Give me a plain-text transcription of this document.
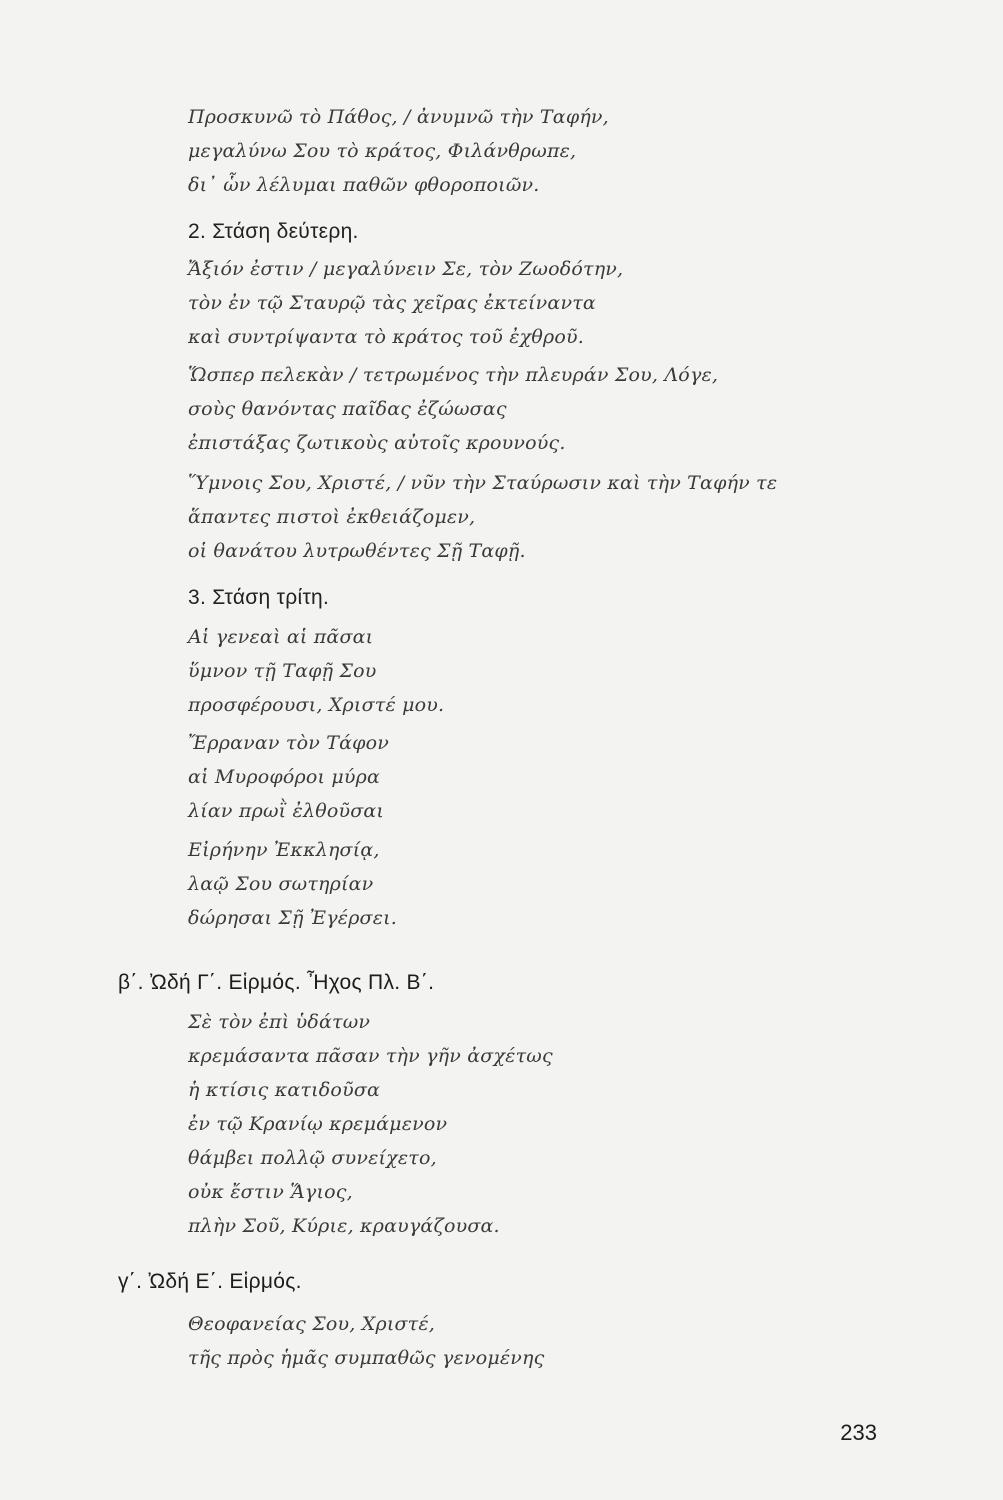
Προσκυνῶ τὸ Πάθος, / ἀνυμνῶ τὴν Ταφήν,
μεγαλύνω Σου τὸ κράτος, Φιλάνθρωπε,
δι᾽ ὧν λέλυμαι παθῶν φθοροποιῶν.
2. Στάση δεύτερη.
Ἄξιόν ἐστιν / μεγαλύνειν Σε, τὸν Ζωοδότην,
τὸν ἐν τῷ Σταυρῷ τὰς χεῖρας ἐκτείναντα
καὶ συντρίψαντα τὸ κράτος τοῦ ἐχθροῦ.
Ὥσπερ πελεκὰν / τετρωμένος τὴν πλευράν Σου, Λόγε,
σοὺς θανόντας παῖδας ἐζώωσας
ἐπιστάξας ζωτικοὺς αὐτοῖς κρουνούς.
Ὕμνοις Σου, Χριστέ, / νῦν τὴν Σταύρωσιν καὶ τὴν Ταφήν τε
ἅπαντες πιστοὶ ἐκθειάζομεν,
οἱ θανάτου λυτρωθέντες Σῇ Ταφῇ.
3. Στάση τρίτη.
Αἱ γενεαὶ αἱ πᾶσαι
ὕμνον τῇ Ταφῇ Σου
προσφέρουσι, Χριστέ μου.
Ἔρραναν τὸν Τάφον
αἱ Μυροφόροι μύρα
λίαν πρωῒ ἐλθοῦσαι
Εἰρήνην Ἐκκλησίᾳ,
λαῷ Σου σωτηρίαν
δώρησαι Σῇ Ἐγέρσει.
β΄. Ὠδή Γ΄. Εἱρμός. Ἦχος Πλ. Β΄.
Σὲ τὸν ἐπὶ ὑδάτων
κρεμάσαντα πᾶσαν τὴν γῆν ἀσχέτως
ἡ κτίσις κατιδοῦσα
ἐν τῷ Κρανίῳ κρεμάμενον
θάμβει πολλῷ συνείχετο,
οὐκ ἔστιν Ἅγιος,
πλὴν Σοῦ, Κύριε, κραυγάζουσα.
γ΄. Ὠδή Ε΄. Εἱρμός.
Θεοφανείας Σου, Χριστέ,
τῆς πρὸς ἡμᾶς συμπαθῶς γενομένης
233
